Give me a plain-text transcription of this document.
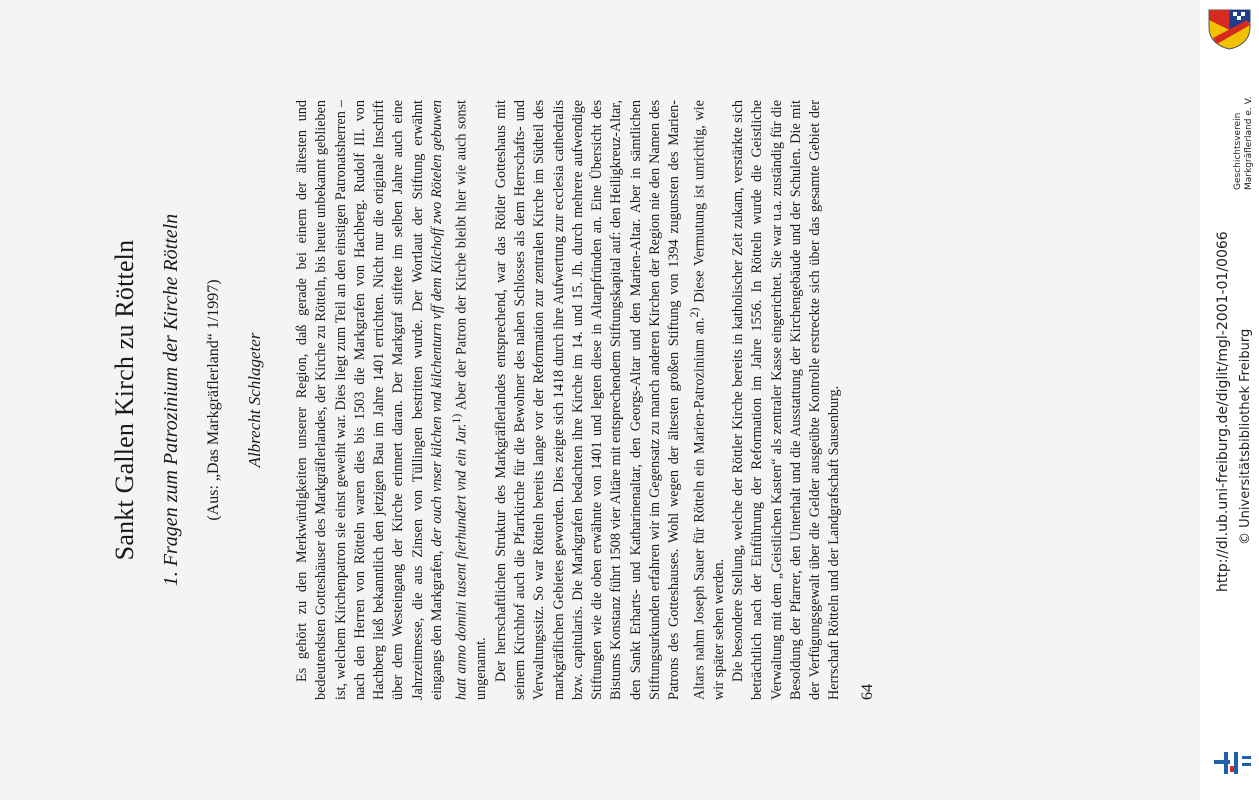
Sankt Gallen Kirch zu Rötteln 1. Fragen zum Patrozinium der Kirche Rötteln (Aus: „Das Markgräflerland“ 1/1997) Albrecht Schlageter Es gehört zu den Merkwürdigkeiten unserer Region, daß gerade bei einem der ältesten und bedeutendsten Gotteshäuser des Markgräflerlandes, der Kirche zu Rötteln, bis heute unbekannt geblieben ist, welchem Kirchenpatron sie einst geweiht war. Dies liegt zum Teil an den einstigen Patronatsherren – nach den Herren von Rötteln waren dies bis 1503 die Markgrafen von Hachberg. Rudolf III. von Hachberg ließ bekanntlich den jetzigen Bau im Jahre 1401 errichten. Nicht nur die originale Inschrift über dem Westeingang der Kirche erinnert daran. Der Markgraf stiftete im selben Jahre auch eine Jahrzeitmesse, die aus Zinsen von Tüllingen bestritten wurde. Der Wortlaut der Stiftung erwähnt eingangs den Markgrafen, der ouch vnser kilchen vnd kilchenturn vff dem Kilchoff zwo Rötelen gebuwen hatt anno domini tusent fierhundert vnd ein Jar.$^{1)}$ Aber der Patron der Kirche bleibt hier wie auch sonst ungenannt. Der herrschaftlichen Struktur des Markgräflerlandes entsprechend, war das Rötler Gotteshaus mit seinem Kirchhof auch die Pfarrkirche für die Bewohner des nahen Schlosses als dem Herrschafts- und Verwaltungssitz. So war Rötteln bereits lange vor der Reformation zur zentralen Kirche im Südteil des markgräflichen Gebietes geworden. Dies zeigte sich 1418 durch ihre Aufwertung zur ecclesia cathedralis bzw. capitularis. Die Markgrafen bedachten ihre Kirche im 14. und 15. Jh. durch mehrere aufwendige Stiftungen wie die oben erwähnte von 1401 und legten diese in Altarpfründen an. Eine Übersicht des Bistums Konstanz führt 1508 vier Altäre mit entsprechendem Stiftungskapital auf: den Heiligkreuz-Altar, den Sankt Erharts- und Katharinenaltar, den Georgs-Altar und den Marien-Altar. Aber in sämtlichen Stiftungsurkunden erfahren wir im Gegensatz zu manch anderen Kirchen der Region nie den Namen des Patrons des Gotteshauses. Wohl wegen der ältesten großen Stiftung von 1394 zugunsten des Marien-Altars nahm Joseph Sauer für Rötteln ein Marien-Patrozinium an.$^{2)}$ Diese Vermutung ist unrichtig, wie wir später sehen werden. Die besondere Stellung, welche der Röttler Kirche bereits in katholischer Zeit zukam, verstärkte sich beträchtlich nach der Einführung der Reformation im Jahre 1556. In Rötteln wurde die Geistliche Verwaltung mit dem „Geistlichen Kasten“ als zentraler Kasse eingerichtet. Sie war u.a. zuständig für die Besoldung der Pfarrer, den Unterhalt und die Ausstattung der Kirchengebäude und der Schulen. Die mit der Verfügungsgewalt über die Gelder ausgeübte Kontrolle erstreckte sich über das gesamte Gebiet der Herrschaft Rötteln und der Landgrafschaft Sausenburg. 64
http://dl.ub.uni-freiburg.de/diglit/mgl-2001-01/0066 © Universitätsbibliothek Freiburg
Geschichtsverein Markgräflerland e. V.
